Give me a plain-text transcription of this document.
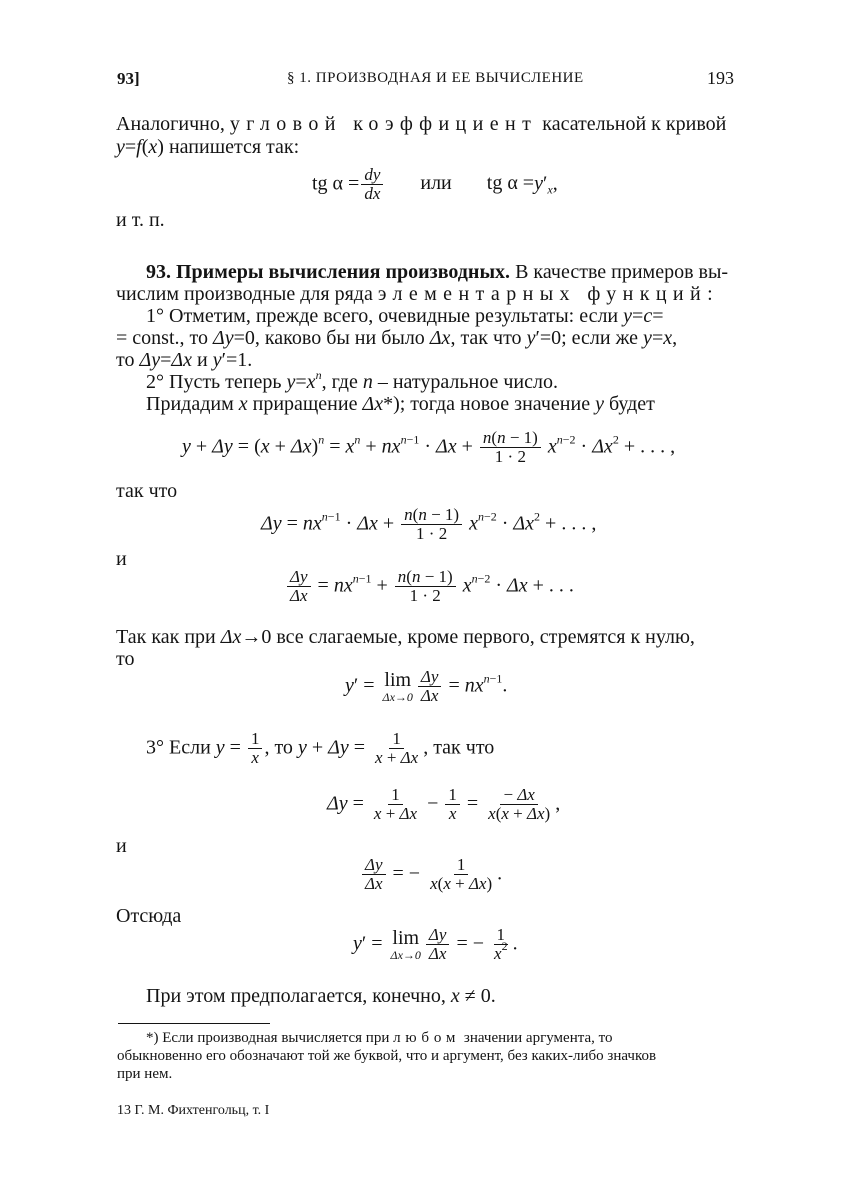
93]	§ 1. ПРОИЗВОДНАЯ И ЕЕ ВЫЧИСЛЕНИЕ	193
Аналогично, угловой коэффициент касательной к кривой
y=f(x) напишется так:
tg $\alpha = \frac{dy}{dx}$ или tg $\alpha =y'_x$,
и т. п.
93. Примеры вычисления производных. В качестве примеров вы-
числим производные для ряда элементарных функций:
1° Отметим, прежде всего, очевидные результаты: если y=c=
= const., то Δy=0, каково бы ни было Δx, так что y′=0; если же y=x,
то Δy=Δx и y′=1.
2° Пусть теперь $y=x^n$, где n – натуральное число.
Придадим x приращение Δx*); тогда новое значение y будет
$y + \Delta y = (x + \Delta x)^n = x^n + nx^{n-1} \cdot \Delta x + \frac{n(n - 1)}{1 \cdot 2} x^{n-2} \cdot \Delta x^2$ + . . . ,
так что
$\Delta y = nx^{n-1} \cdot \Delta x + \frac{n(n - 1)}{1 \cdot 2} x^{n-2} \cdot \Delta x^2$ + . . . ,
и
$\frac{\Delta y}{\Delta x} = nx^{n-1} + \frac{n(n - 1)}{1 \cdot 2} x^{n-2} \cdot \Delta x$ + . . .
Так как при Δx→0 все слагаемые, кроме первого, стремятся к нулю,
то
y′ = lim
$\Delta x\to 0 \frac{\Delta y}{\Delta x} = nx^{n-1}$.
3° Если $y = \frac{1}{x}$ , то $y + \Delta y = \frac{1}{x + \Delta x}$ , так что
$\Delta y = \frac{1}{x + \Delta x} - \frac{1}{x} = \frac{- \Delta x}{x(x + \Delta x)}$ ,
и
$\frac{\Delta y}{\Delta x}$ = − $\frac{1}{x(x + \Delta x)}$ .
Отсюда
y′ = lim
$\Delta x\to 0 \frac{\Delta y}{\Delta x}$ = − $\frac{1}{x^2}$ .
При этом предполагается, конечно, x ≠ 0.
*) Если производная вычисляется при любом значении аргумента, то
обыкновенно его обозначают той же буквой, что и аргумент, без каких-либо значков
при нем.
13 Г. М. Фихтенгольц, т. I
